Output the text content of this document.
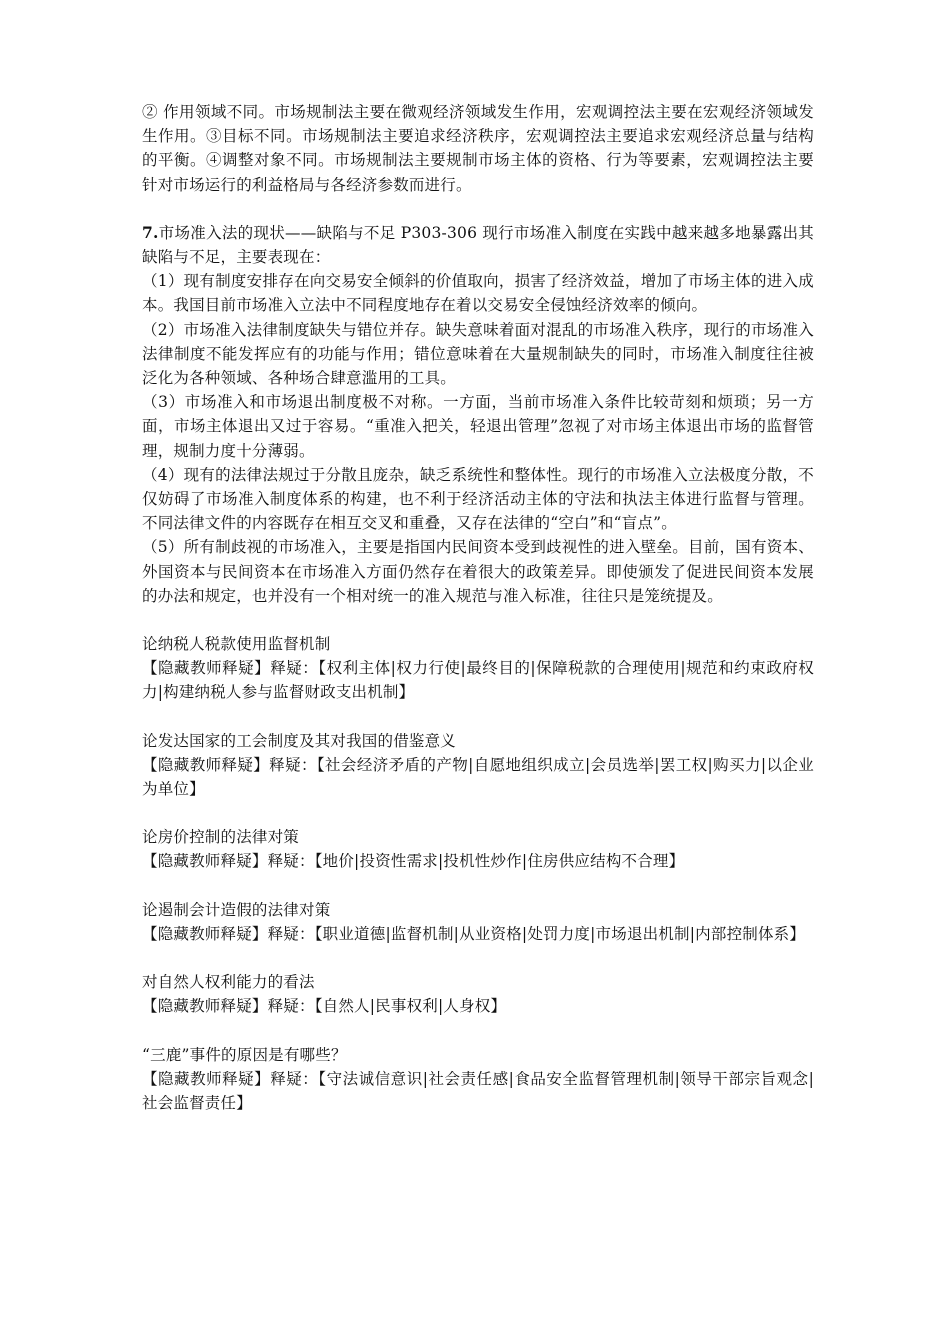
② 作用领域不同。市场规制法主要在微观经济领域发生作用，宏观调控法主要在宏观经济领域发生作用。③目标不同。市场规制法主要追求经济秩序，宏观调控法主要追求宏观经济总量与结构的平衡。④调整对象不同。市场规制法主要规制市场主体的资格、行为等要素，宏观调控法主要针对市场运行的利益格局与各经济参数而进行。

7.市场准入法的现状——缺陷与不足 P303-306 现行市场准入制度在实践中越来越多地暴露出其缺陷与不足，主要表现在：

（1）现有制度安排存在向交易安全倾斜的价值取向，损害了经济效益，增加了市场主体的进入成本。我国目前市场准入立法中不同程度地存在着以交易安全侵蚀经济效率的倾向。

（2）市场准入法律制度缺失与错位并存。缺失意味着面对混乱的市场准入秩序，现行的市场准入法律制度不能发挥应有的功能与作用；错位意味着在大量规制缺失的同时，市场准入制度往往被泛化为各种领域、各种场合肆意滥用的工具。

（3）市场准入和市场退出制度极不对称。一方面，当前市场准入条件比较苛刻和烦琐；另一方面，市场主体退出又过于容易。“重准入把关，轻退出管理”忽视了对市场主体退出市场的监督管理，规制力度十分薄弱。

（4）现有的法律法规过于分散且庞杂，缺乏系统性和整体性。现行的市场准入立法极度分散，不仅妨碍了市场准入制度体系的构建，也不利于经济活动主体的守法和执法主体进行监督与管理。不同法律文件的内容既存在相互交叉和重叠，又存在法律的“空白”和“盲点”。

（5）所有制歧视的市场准入，主要是指国内民间资本受到歧视性的进入壁垒。目前，国有资本、外国资本与民间资本在市场准入方面仍然存在着很大的政策差异。即使颁发了促进民间资本发展的办法和规定，也并没有一个相对统一的准入规范与准入标准，往往只是笼统提及。

论纳税人税款使用监督机制

【隐藏教师释疑】释疑：【权利主体|权力行使|最终目的|保障税款的合理使用|规范和约束政府权力|构建纳税人参与监督财政支出机制】

论发达国家的工会制度及其对我国的借鉴意义

【隐藏教师释疑】释疑：【社会经济矛盾的产物|自愿地组织成立|会员选举|罢工权|购买力|以企业为单位】

论房价控制的法律对策

【隐藏教师释疑】释疑：【地价|投资性需求|投机性炒作|住房供应结构不合理】

论遏制会计造假的法律对策

【隐藏教师释疑】释疑：【职业道德|监督机制|从业资格|处罚力度|市场退出机制|内部控制体系】

对自然人权利能力的看法

【隐藏教师释疑】释疑：【自然人|民事权利|人身权】

“三鹿”事件的原因是有哪些？

【隐藏教师释疑】释疑：【守法诚信意识|社会责任感|食品安全监督管理机制|领导干部宗旨观念|社会监督责任】
